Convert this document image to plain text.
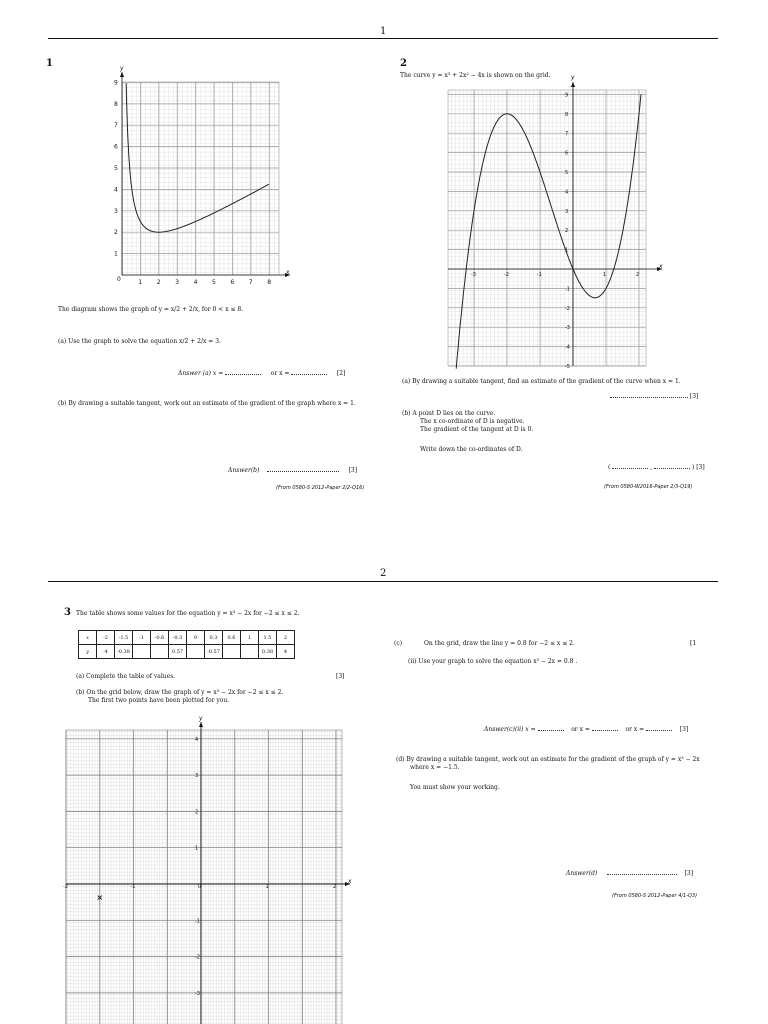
1
1	y
x
0	1 2 3 4 5 6 7 8
1
2
3
4
5
6
7
8
9
The diagram shows the graph of y = x/2 + 2/x, for 0 < x ≤ 8.
(a) Use the graph to solve the equation x/2 + 2/x = 3.
Answer (a) x =	or x =	[2]
(b) By drawing a suitable tangent, work out an estimate of the gradient of the graph where x = 1.
Answer(b)	[3]
(From 0580-S 2012-Paper 2/2-Q16)
2
The curve y = x³ + 2x² − 4x is shown on the grid.	y
x
-3	-2	-1	1	2
9
8
7
6
5
4
3
2
1
-1
-2
-3
-4
-5
(a) By drawing a suitable tangent, find an estimate of the gradient of the curve when x = 1.
[3]
(b) A point D lies on the curve.
The x co-ordinate of D is negative.
The gradient of the tangent at D is 0.
Write down the co-ordinates of D.
(	,	) [3]
(From 0580-W2016-Paper 2/3-Q19)
2
3 The table shows some values for the equation y = x³ − 2x for −2 ≤ x ≤ 2.
x	-2	-1.5	-1	-0.6	-0.3	0	0.3	0.6	1	1.5	2
y	-4	-0.38			0.57		-0.57			0.38	4
(a) Complete the table of values.	[3]
(b) On the grid below, draw the graph of y = x³ − 2x for −2 ≤ x ≤ 2.
The first two points have been plotted for you.
y
x
-2	-1	0	1	2
4
3
2
1
-1
-2
-3
(c)	On the grid, draw the line y = 0.8 for −2 ≤ x ≤ 2.	[1
(ii) Use your graph to solve the equation x³ − 2x = 0.8 .
Answer(c)(ii) x =	or x =	or x =	[3]
(d) By drawing a suitable tangent, work out an estimate for the gradient of the graph of y = x³ − 2x
where x = −1.5.
You must show your working.
Answer(d)	[3]
(From 0580-S 2012-Paper 4/1-Q3)
